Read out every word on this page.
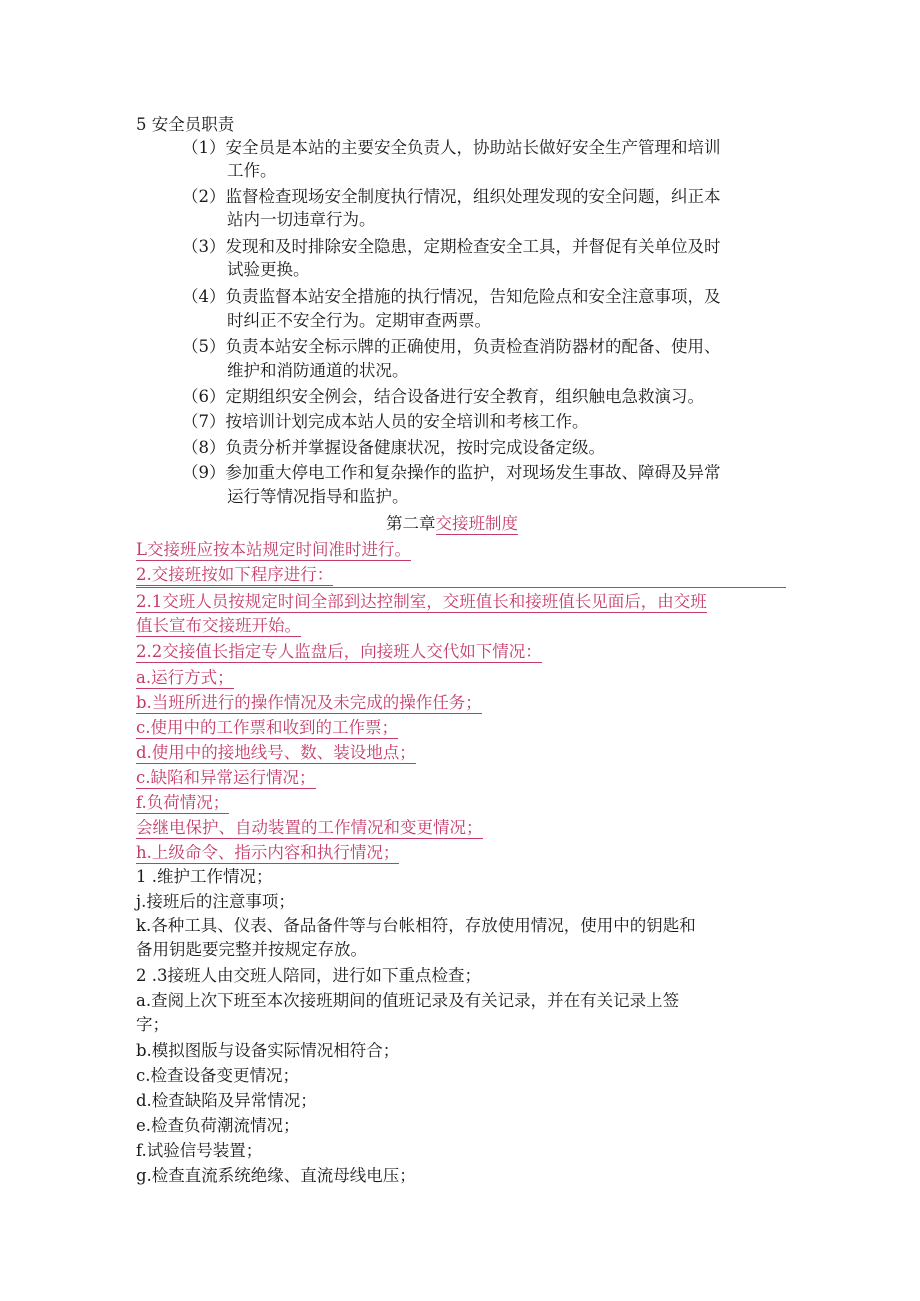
5 安全员职责
（1）安全员是本站的主要安全负责人，协助站长做好安全生产管理和培训
工作。
（2）监督检查现场安全制度执行情况，组织处理发现的安全问题，纠正本
站内一切违章行为。
（3）发现和及时排除安全隐患，定期检查安全工具，并督促有关单位及时
试验更换。
（4）负责监督本站安全措施的执行情况，告知危险点和安全注意事项，及
时纠正不安全行为。定期审查两票。
（5）负责本站安全标示牌的正确使用，负责检查消防器材的配备、使用、
维护和消防通道的状况。
（6）定期组织安全例会，结合设备进行安全教育，组织触电急救演习。
（7）按培训计划完成本站人员的安全培训和考核工作。
（8）负责分析并掌握设备健康状况，按时完成设备定级。
（9）参加重大停电工作和复杂操作的监护，对现场发生事故、障碍及异常
运行等情况指导和监护。
第二章交接班制度
L交接班应按本站规定时间准时进行。
2.交接班按如下程序进行：
2.1交班人员按规定时间全部到达控制室，交班值长和接班值长见面后，由交班
值长宣布交接班开始。
2.2交接值长指定专人监盘后，向接班人交代如下情况：
a.运行方式；
b.当班所进行的操作情况及未完成的操作任务；
c.使用中的工作票和收到的工作票；
d.使用中的接地线号、数、装设地点；
c.缺陷和异常运行情况；
f.负荷情况；
会继电保护、自动装置的工作情况和变更情况；
h.上级命令、指示内容和执行情况；
1 .维护工作情况；
j.接班后的注意事项；
k.各种工具、仪表、备品备件等与台帐相符，存放使用情况，使用中的钥匙和
备用钥匙要完整并按规定存放。
2 .3接班人由交班人陪同，进行如下重点检查；
a.查阅上次下班至本次接班期间的值班记录及有关记录，并在有关记录上签
字；
b.模拟图版与设备实际情况相符合；
c.检查设备变更情况；
d.检查缺陷及异常情况；
e.检查负荷潮流情况；
f.试验信号装置；
g.检查直流系统绝缘、直流母线电压；
